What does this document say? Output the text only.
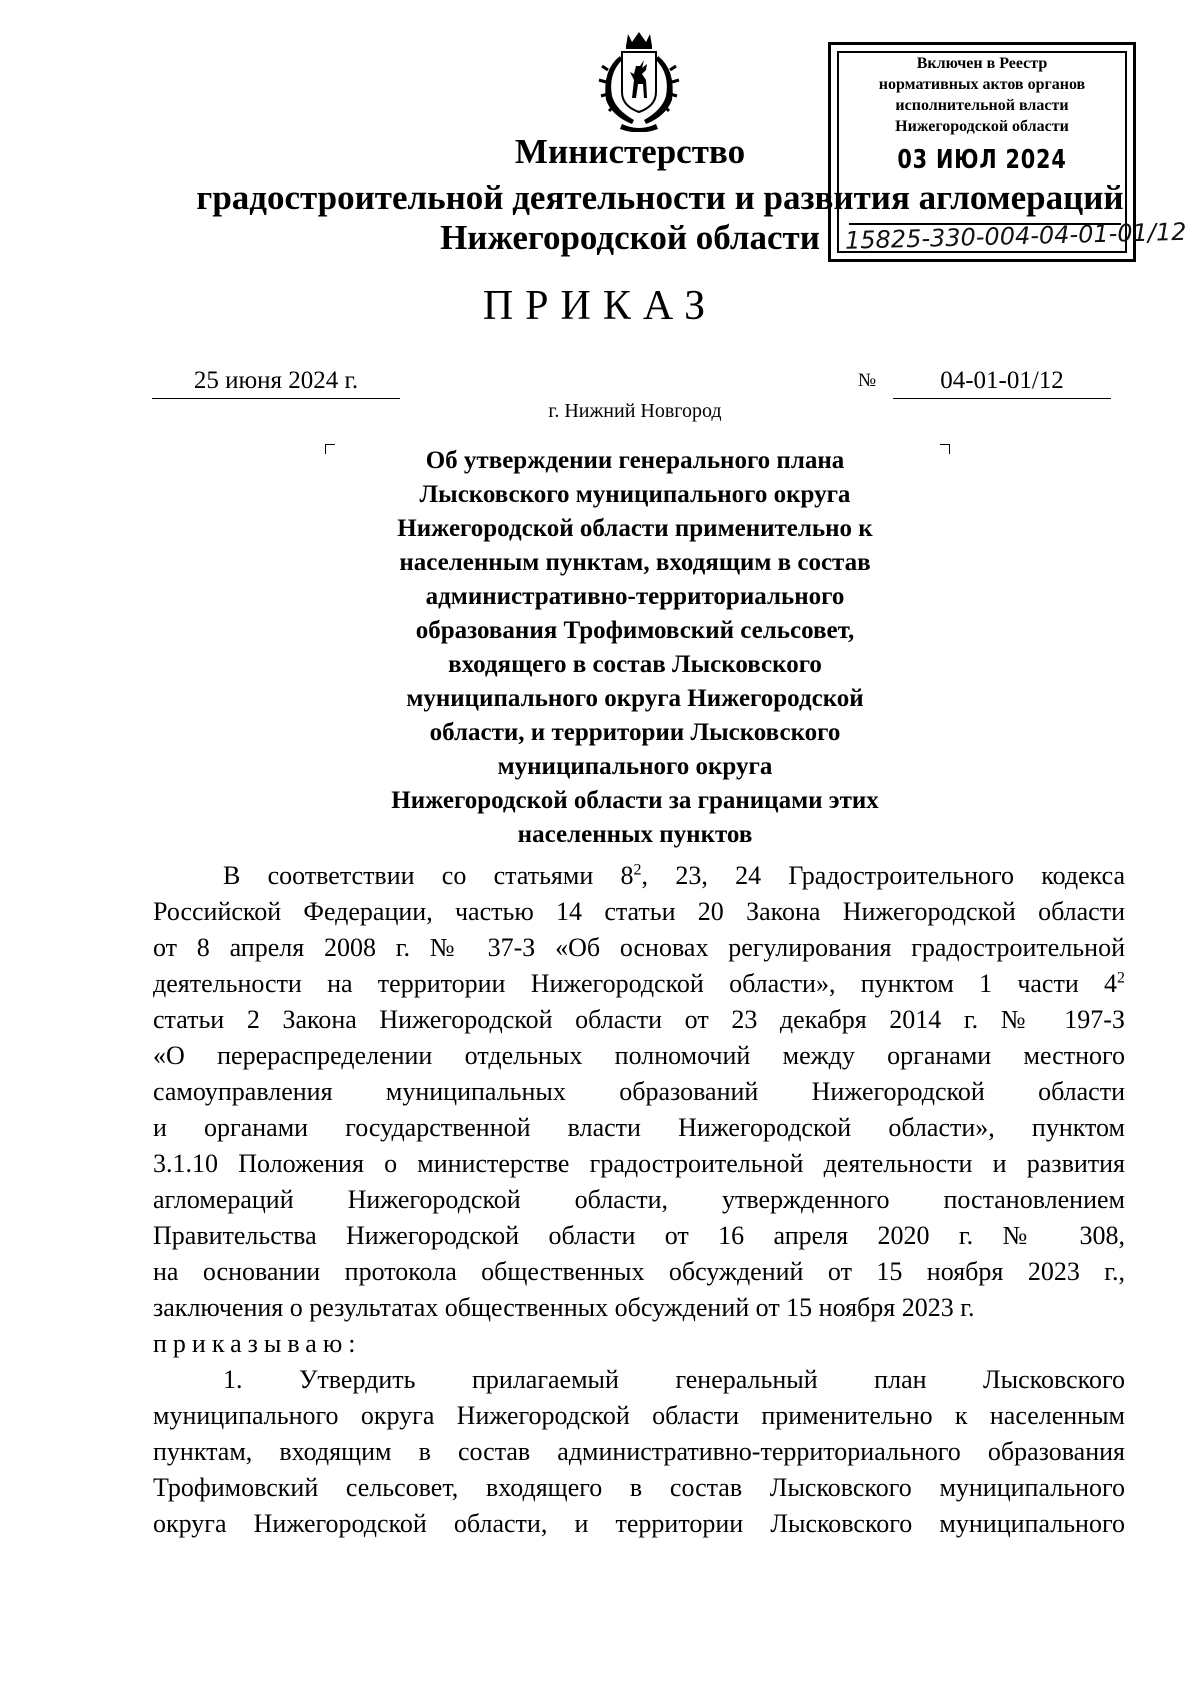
Включен в Реестр
нормативных актов органов
исполнительной власти
Нижегородской области
03 ИЮЛ 2024
15825-330-004-04-01-01/12
Министерство
градостроительной деятельности и развития агломераций
Нижегородской области
ПРИКАЗ
25 июня 2024 г.	№	04-01-01/12
г. Нижний Новгород
Об утверждении генерального плана
Лысковского муниципального округа
Нижегородской области применительно к
населенным пунктам, входящим в состав
административно-территориального
образования Трофимовский сельсовет,
входящего в состав Лысковского
муниципального округа Нижегородской
области, и территории Лысковского
муниципального округа
Нижегородской области за границами этих
населенных пунктов
В соответствии со статьями $8^2$, 23, 24 Градостроительного кодекса
Российской Федерации, частью 14 статьи 20 Закона Нижегородской области
от 8 апреля 2008 г. № 37-З «Об основах регулирования градостроительной
деятельности на территории Нижегородской области», пунктом 1 части $4^2$
статьи 2 Закона Нижегородской области от 23 декабря 2014 г. № 197-З
«О перераспределении отдельных полномочий между органами местного
самоуправления муниципальных образований Нижегородской области
и органами государственной власти Нижегородской области», пунктом
3.1.10 Положения о министерстве градостроительной деятельности и развития
агломераций Нижегородской области, утвержденного постановлением
Правительства Нижегородской области от 16 апреля 2020 г. № 308,
на основании протокола общественных обсуждений от 15 ноября 2023 г.,
заключения о результатах общественных обсуждений от 15 ноября 2023 г.
приказываю:
1. Утвердить прилагаемый генеральный план Лысковского
муниципального округа Нижегородской области применительно к населенным
пунктам, входящим в состав административно-территориального образования
Трофимовский сельсовет, входящего в состав Лысковского муниципального
округа Нижегородской области, и территории Лысковского муниципального
